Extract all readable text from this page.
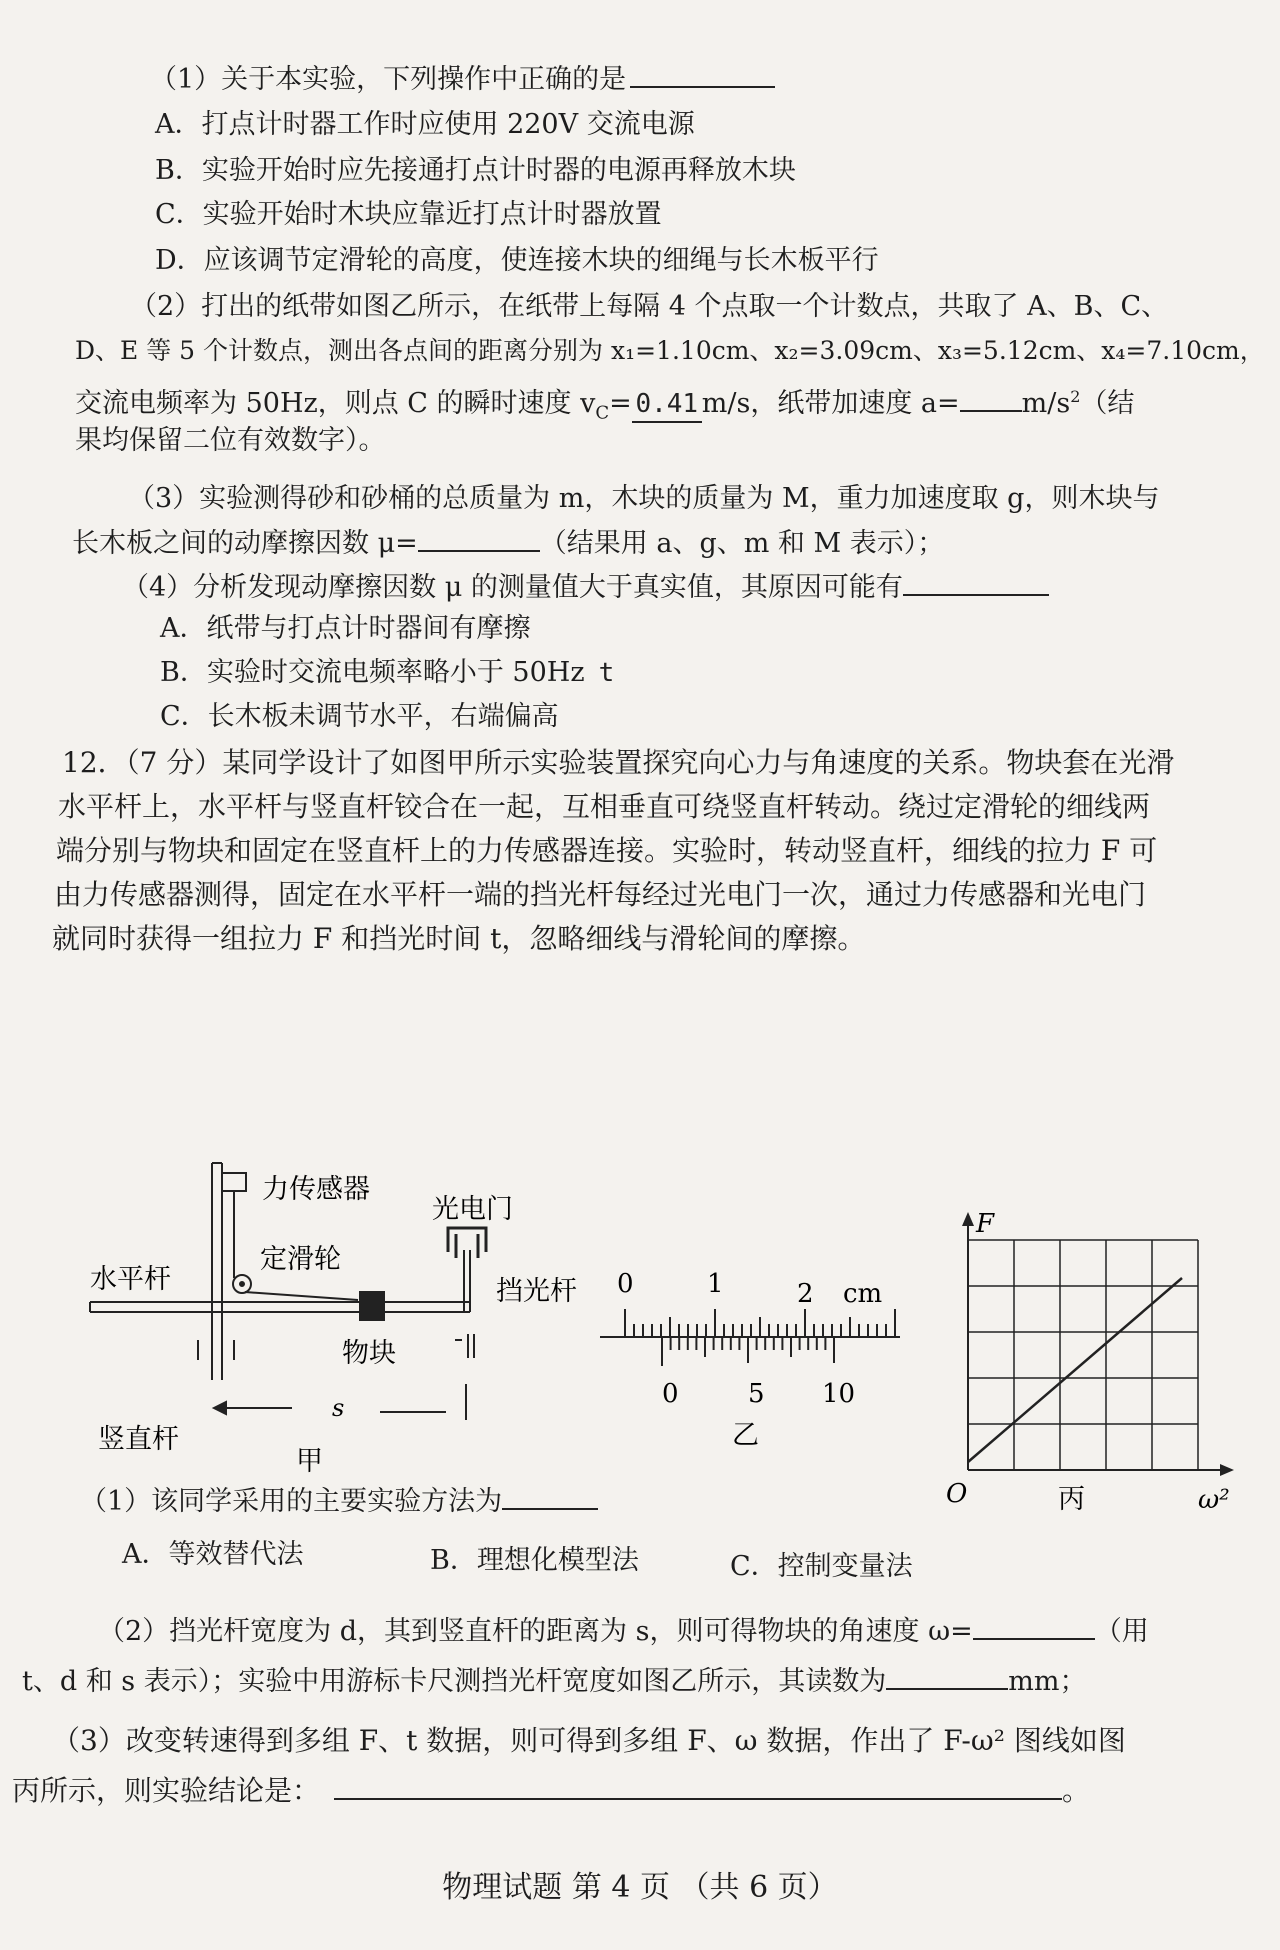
（1）关于本实验，下列操作中正确的是
A．打点计时器工作时应使用 220V 交流电源
B．实验开始时应先接通打点计时器的电源再释放木块
C．实验开始时木块应靠近打点计时器放置
D．应该调节定滑轮的高度，使连接木块的细绳与长木板平行
（2）打出的纸带如图乙所示，在纸带上每隔 4 个点取一个计数点，共取了 A、B、C、
D、E 等 5 个计数点，测出各点间的距离分别为 x₁=1.10cm、x₂=3.09cm、x₃=5.12cm、x₄=7.10cm，
交流电频率为 50Hz，则点 C 的瞬时速度 $v_C= 0.41$ m/s，纸带加速度 $a= m/s^2$（结
果均保留二位有效数字）。
（3）实验测得砂和砂桶的总质量为 m，木块的质量为 M，重力加速度取 g，则木块与
长木板之间的动摩擦因数 μ=	（结果用 a、g、m 和 M 表示）；
（4）分析发现动摩擦因数 μ 的测量值大于真实值，其原因可能有
A．纸带与打点计时器间有摩擦
B．实验时交流电频率略小于 50Hz t
C．长木板未调节水平，右端偏高
12．（7 分）某同学设计了如图甲所示实验装置探究向心力与角速度的关系。物块套在光滑
水平杆上，水平杆与竖直杆铰合在一起，互相垂直可绕竖直杆转动。绕过定滑轮的细线两
端分别与物块和固定在竖直杆上的力传感器连接。实验时，转动竖直杆，细线的拉力 F 可
由力传感器测得，固定在水平杆一端的挡光杆每经过光电门一次，通过力传感器和光电门
就同时获得一组拉力 F 和挡光时间 t，忽略细线与滑轮间的摩擦。
力传感器
定滑轮
光电门
水平杆	挡光杆
物块
竖直杆
s
甲
0	1	2 cm
0	5 10
乙
F
O	ω²
丙
（1）该同学采用的主要实验方法为
A．等效替代法	B．理想化模型法	C．控制变量法
（2）挡光杆宽度为 d，其到竖直杆的距离为 s，则可得物块的角速度 ω=	（用
t、d 和 s 表示）；实验中用游标卡尺测挡光杆宽度如图乙所示，其读数为	mm；
（3）改变转速得到多组 F、t 数据，则可得到多组 F、ω 数据，作出了 F-ω² 图线如图
丙所示，则实验结论是：	。
物理试题 第 4 页 （共 6 页）
